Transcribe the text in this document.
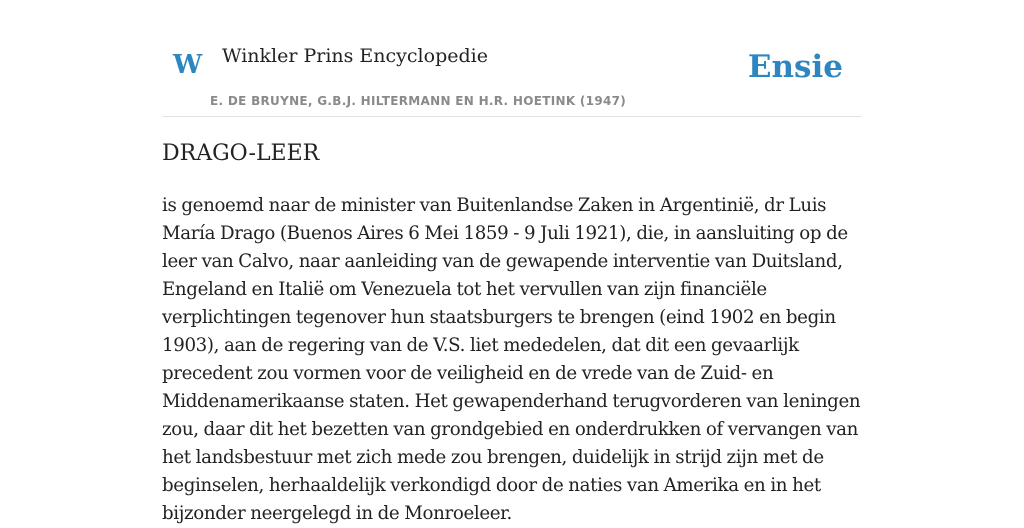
W Winkler Prins Encyclopedie
E. DE BRUYNE, G.B.J. HILTERMANN EN H.R. HOETINK (1947)
Ensie
DRAGO-LEER

is genoemd naar de minister van Buitenlandse Zaken in Argentinië, dr Luis María Drago (Buenos Aires 6 Mei 1859 - 9 Juli 1921), die, in aansluiting op de leer van Calvo, naar aanleiding van de gewapende interventie van Duitsland, Engeland en Italië om Venezuela tot het vervullen van zijn financiële verplichtingen tegenover hun staatsburgers te brengen (eind 1902 en begin 1903), aan de regering van de V.S. liet mededelen, dat dit een gevaarlijk precedent zou vormen voor de veiligheid en de vrede van de Zuid- en Middenamerikaanse staten. Het gewapenderhand terugvorderen van leningen zou, daar dit het bezetten van grondgebied en onderdrukken of vervangen van het landsbestuur met zich mede zou brengen, duidelijk in strijd zijn met de beginselen, herhaaldelijk verkondigd door de naties van Amerika en in het bijzonder neergelegd in de Monroeleer.
